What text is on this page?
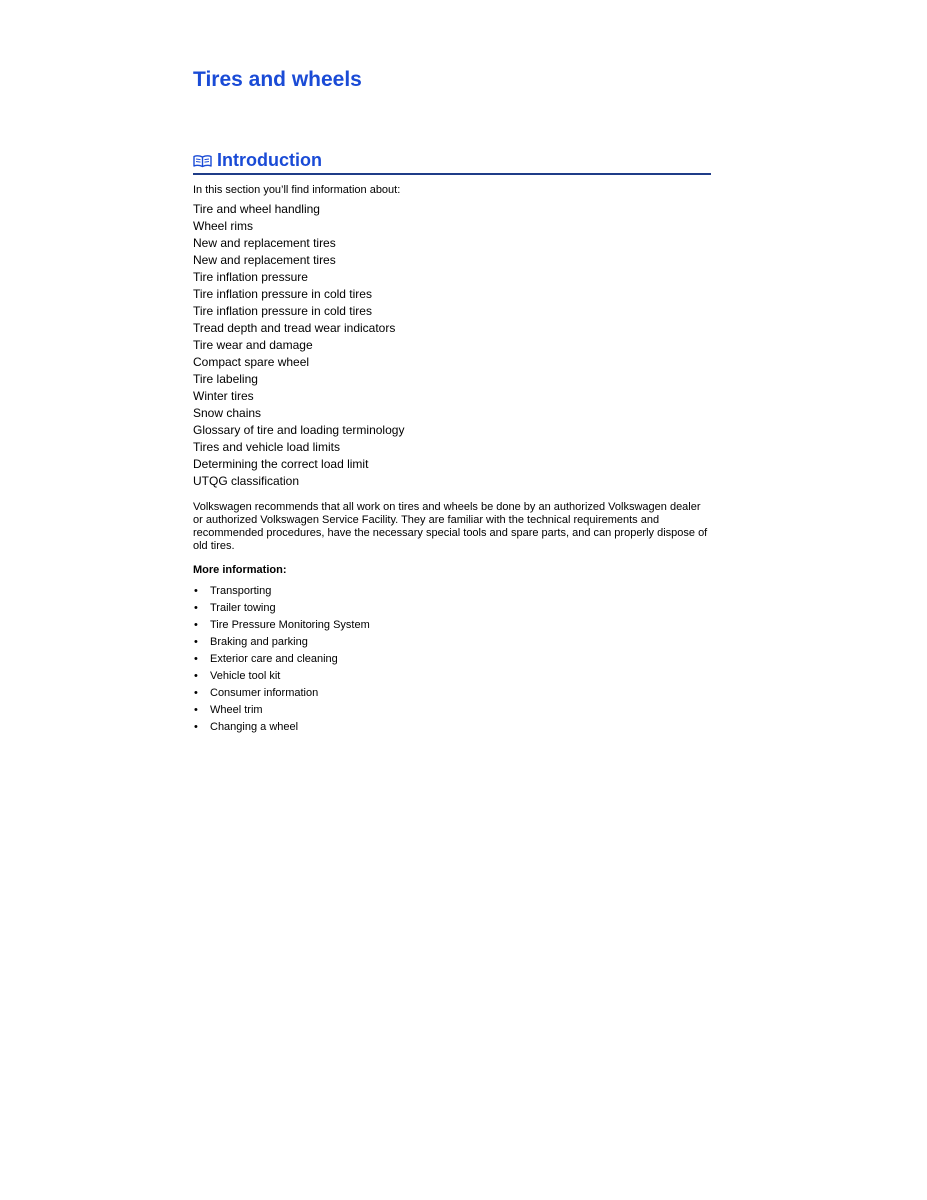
Tires and wheels
Introduction

In this section you’ll find information about:

Tire and wheel handling
Wheel rims
New and replacement tires
New and replacement tires
Tire inflation pressure
Tire inflation pressure in cold tires
Tire inflation pressure in cold tires
Tread depth and tread wear indicators
Tire wear and damage
Compact spare wheel
Tire labeling
Winter tires
Snow chains
Glossary of tire and loading terminology
Tires and vehicle load limits
Determining the correct load limit
UTQG classification

Volkswagen recommends that all work on tires and wheels be done by an authorized Volkswagen dealer or authorized Volkswagen Service Facility. They are familiar with the technical requirements and recommended procedures, have the necessary special tools and spare parts, and can properly dispose of old tires.

More information:

• Transporting
• Trailer towing
• Tire Pressure Monitoring System
• Braking and parking
• Exterior care and cleaning
• Vehicle tool kit
• Consumer information
• Wheel trim
• Changing a wheel
